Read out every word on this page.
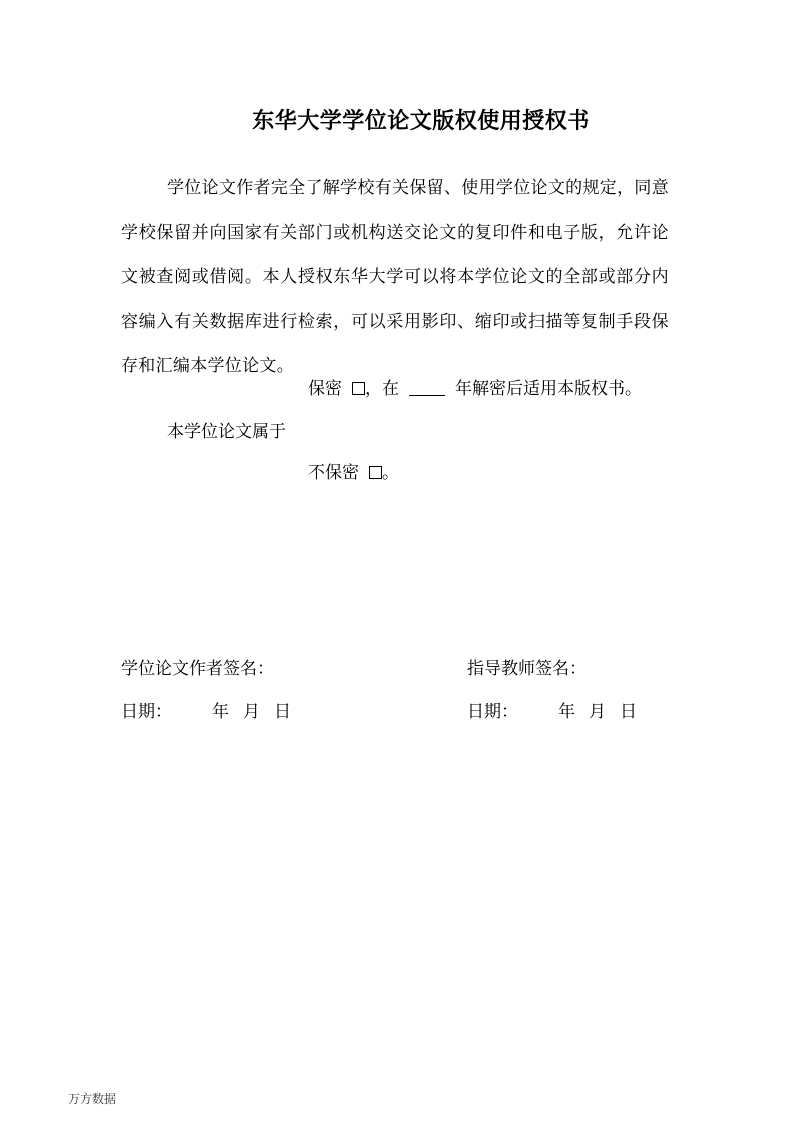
东华大学学位论文版权使用授权书

学位论文作者完全了解学校有关保留、使用学位论文的规定，同意学校保留并向国家有关部门或机构送交论文的复印件和电子版，允许论文被查阅或借阅。本人授权东华大学可以将本学位论文的全部或部分内容编入有关数据库进行检索，可以采用影印、缩印或扫描等复制手段保存和汇编本学位论文。

保密 ，在	年解密后适用本版权书。
本学位论文属于
不保密 。
学位论文作者签名：	指导教师签名：
日期： 年 月 日	日期： 年 月 日
万方数据
